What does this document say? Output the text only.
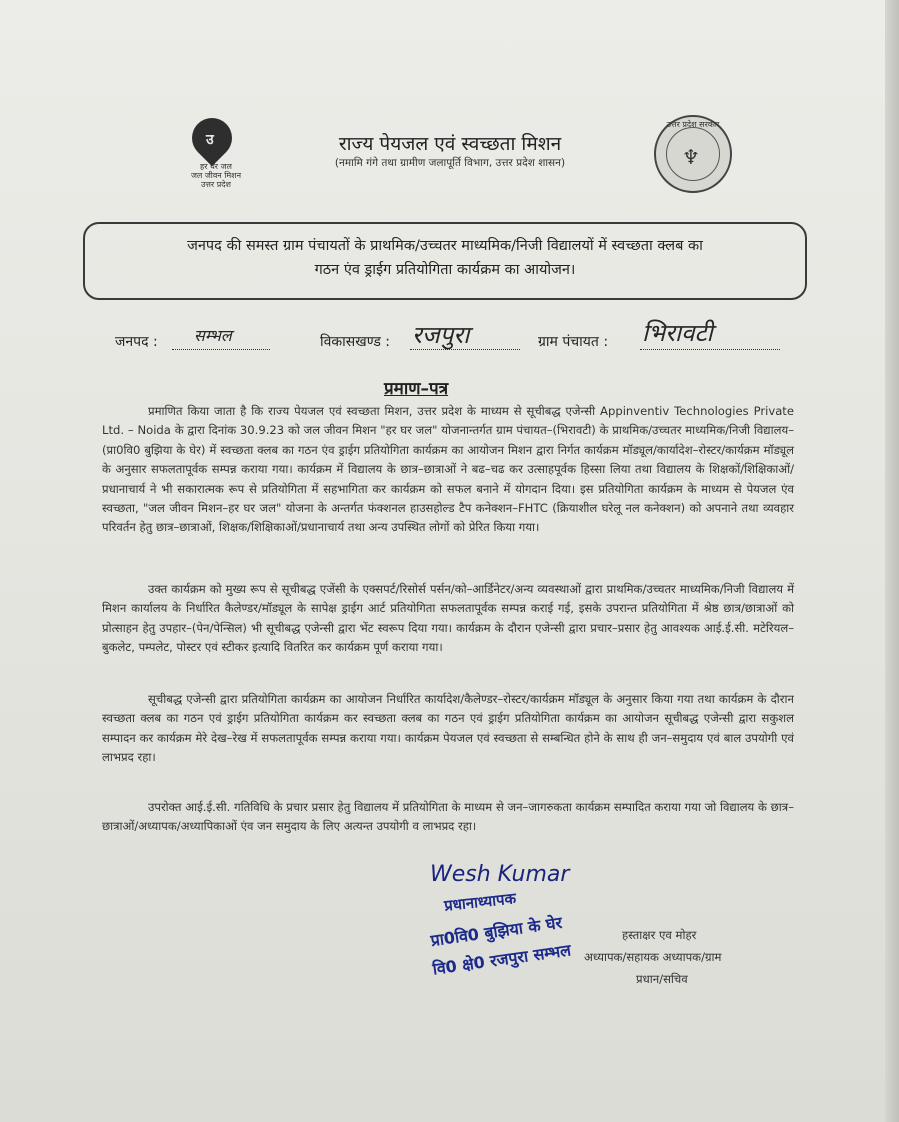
उ
हर घर जल
जल जीवन मिशन
उत्तर प्रदेश
राज्य पेयजल एवं स्वच्छता मिशन
(नमामि गंगे तथा ग्रामीण जलापूर्ति विभाग, उत्तर प्रदेश शासन)
उत्तर प्रदेश सरकार
♆
जनपद की समस्त ग्राम पंचायतों के प्राथमिक/उच्चतर माध्यमिक/निजी विद्यालयों में स्वच्छता क्लब का
गठन एंव ड्राईग प्रतियोगिता कार्यक्रम का आयोजन।
जनपद : सम्भल	विकासखण्ड : रजपुरा	ग्राम पंचायत : भिरावटी
प्रमाण–पत्र
प्रमाणित किया जाता है कि राज्य पेयजल एवं स्वच्छता मिशन, उत्तर प्रदेश के माध्यम से सूचीबद्ध एजेन्सी Appinventiv Technologies Private Ltd. – Noida के द्वारा दिनांक 30.9.23 को जल जीवन मिशन "हर घर जल" योजनान्तर्गत ग्राम पंचायत–(भिरावटी) के प्राथमिक/उच्चतर माध्यमिक/निजी विद्यालय–(प्रा0वि0 बुझिया के घेर) में स्वच्छता क्लब का गठन एंव ड्राईग प्रतियोगिता कार्यक्रम का आयोजन मिशन द्वारा निर्गत कार्यक्रम मॉड्यूल/कार्यादेश–रोस्टर/कार्यक्रम मॉड्यूल के अनुसार सफलतापूर्वक सम्पन्न कराया गया। कार्यक्रम में विद्यालय के छात्र–छात्राओं ने बढ–चढ कर उत्साहपूर्वक हिस्सा लिया तथा विद्यालय के शिक्षकों/शिक्षिकाओं/प्रधानाचार्य ने भी सकारात्मक रूप से प्रतियोगिता में सहभागिता कर कार्यक्रम को सफल बनाने में योगदान दिया। इस प्रतियोगिता कार्यक्रम के माध्यम से पेयजल एंव स्वच्छता, "जल जीवन मिशन–हर घर जल" योजना के अन्तर्गत फंक्शनल हाउसहोल्ड टैप कनेक्शन–FHTC (क्रियाशील घरेलू नल कनेक्शन) को अपनाने तथा व्यवहार परिवर्तन हेतु छात्र–छात्राओं, शिक्षक/शिक्षिकाओं/प्रधानाचार्य तथा अन्य उपस्थित लोगों को प्रेरित किया गया।
उक्त कार्यक्रम को मुख्य रूप से सूचीबद्ध एजेंसी के एक्सपर्ट/रिसोर्स पर्सन/को–आर्डिनेटर/अन्य व्यवस्थाओं द्वारा प्राथमिक/उच्चतर माध्यमिक/निजी विद्यालय में मिशन कार्यालय के निर्धारित कैलेण्डर/मॉड्यूल के सापेक्ष ड्राईग आर्ट प्रतियोगिता सफलतापूर्वक सम्पन्न कराई गई, इसके उपरान्त प्रतियोगिता में श्रेष्ठ छात्र/छात्राओं को प्रोत्साहन हेतु उपहार–(पेन/पेन्सिल) भी सूचीबद्ध एजेन्सी द्वारा भेंट स्वरूप दिया गया। कार्यक्रम के दौरान एजेन्सी द्वारा प्रचार–प्रसार हेतु आवश्यक आई.ई.सी. मटेरियल–बुकलेट, पम्पलेट, पोस्टर एवं स्टीकर इत्यादि वितरित कर कार्यक्रम पूर्ण कराया गया।
सूचीबद्ध एजेन्सी द्वारा प्रतियोगिता कार्यक्रम का आयोजन निर्धारित कार्यादेश/कैलेण्डर–रोस्टर/कार्यक्रम मॉड्यूल के अनुसार किया गया तथा कार्यक्रम के दौरान स्वच्छता क्लब का गठन एवं ड्राईग प्रतियोगिता कार्यक्रम कर स्वच्छता क्लब का गठन एवं ड्राईग प्रतियोगिता कार्यक्रम का आयोजन सूचीबद्ध एजेन्सी द्वारा सकुशल सम्पादन कर कार्यक्रम मेरे देख–रेख में सफलतापूर्वक सम्पन्न कराया गया। कार्यक्रम पेयजल एवं स्वच्छता से सम्बन्धित होने के साथ ही जन–समुदाय एवं बाल उपयोगी एवं लाभप्रद रहा।
उपरोक्त आई.ई.सी. गतिविधि के प्रचार प्रसार हेतु विद्यालय में प्रतियोगिता के माध्यम से जन–जागरुकता कार्यक्रम सम्पादित कराया गया जो विद्यालय के छात्र–छात्राओं/अध्यापक/अध्यापिकाओं एंव जन समुदाय के लिए अत्यन्त उपयोगी व लाभप्रद रहा।
Wesh Kumar
प्रधानाध्यापक
प्रा0वि0 बुझिया के घेर
वि0 क्षे0 रजपुरा सम्भल
हस्ताक्षर एव मोहर
अध्यापक/सहायक अध्यापक/ग्राम
प्रधान/सचिव
